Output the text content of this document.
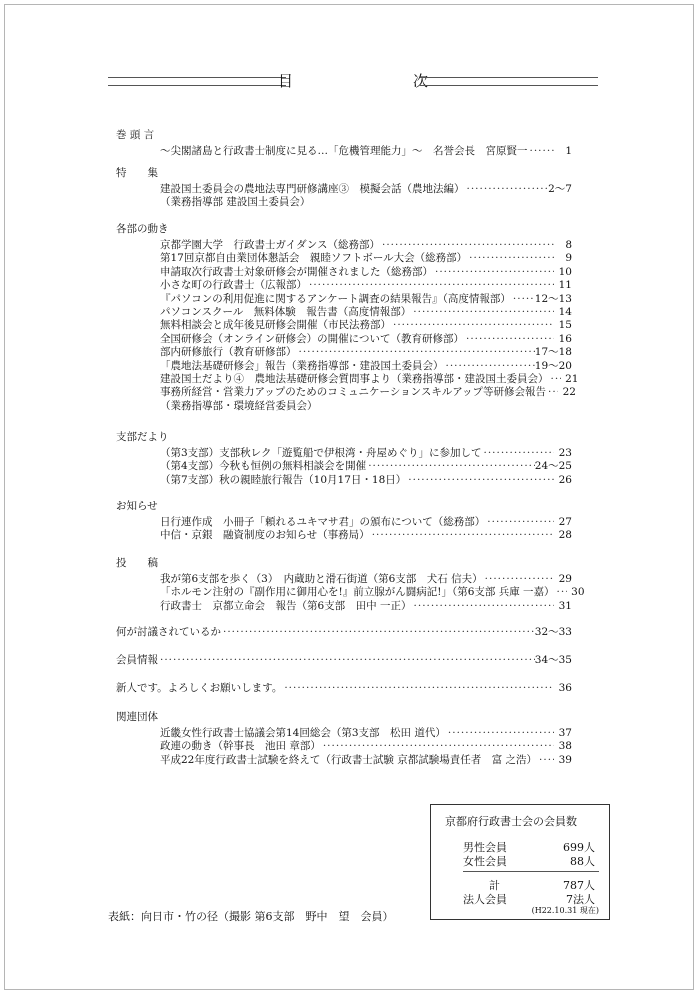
目　　次
巻 頭 言
～尖閣諸島と行政書士制度に見る…「危機管理能力」～　名誉会長　宮原賢一 ·····	1
特　　集
建設国土委員会の農地法専門研修講座③　模擬会話（農地法編） ·····	2～7
（業務指導部 建設国土委員会）
各部の動き
京都学園大学　行政書士ガイダンス（総務部） ·····	8
第17回京都自由業団体懇話会　親睦ソフトボール大会（総務部） ·····	9
申請取次行政書士対象研修会が開催されました（総務部） ·····	10
小さな町の行政書士（広報部） ·····	11
『パソコンの利用促進に関するアンケート調査の結果報告』（高度情報部） ····· 12～13
パソコンスクール　無料体験　報告書（高度情報部） ·····	14
無料相談会と成年後見研修会開催（市民法務部） ·····	15
全国研修会（オンライン研修会）の開催について（教育研修部） ·····	16
部内研修旅行（教育研修部） ·····	17～18
「農地法基礎研修会」報告（業務指導部・建設国土委員会） ·····	19～20
建設国土だより④　農地法基礎研修会質問事より（業務指導部・建設国土委員会） ·····	21
事務所経営・営業力アップのためのコミュニケーションスキルアップ等研修会報告 ·····	22
（業務指導部・環境経営委員会）
支部だより
（第3支部）支部秋レク「遊覧船で伊根湾・舟屋めぐり」に参加して ·····	23
（第4支部）今秋も恒例の無料相談会を開催 ·····	24～25
（第7支部）秋の親睦旅行報告（10月17日・18日） ·····	26
お知らせ
日行連作成　小冊子「頼れるユキマサ君」の頒布について（総務部） ·····	27
中信・京銀　融資制度のお知らせ（事務局） ·····	28
投　　稿
我が第6支部を歩く（3）　内蔵助と滑石街道（第6支部　犬石 信夫） ·····	29
「ホルモン注射の『副作用に御用心を!』前立腺がん闘病記!」（第6支部 兵庫 一嘉） ·····	30
行政書士　京都立命会　報告（第6支部　田中 一正） ·····	31
何が討議されているか ·····	32～33
会員情報 ·····	34～35
新人です。よろしくお願いします。 ·····	36
関連団体
近畿女性行政書士協議会第14回総会（第3支部　松田 道代） ·····	37
政連の動き（幹事長　池田 章部） ·····	38
平成22年度行政書士試験を終えて（行政書士試験 京都試験場責任者　富 之浩） ·····	39
京都府行政書士会の会員数
男性会員	699人
女性会員	88人
計	787人
法人会員	7法人
(H22.10.31 現在)
表紙：向日市・竹の径（撮影 第6支部　野中　望　会員）
